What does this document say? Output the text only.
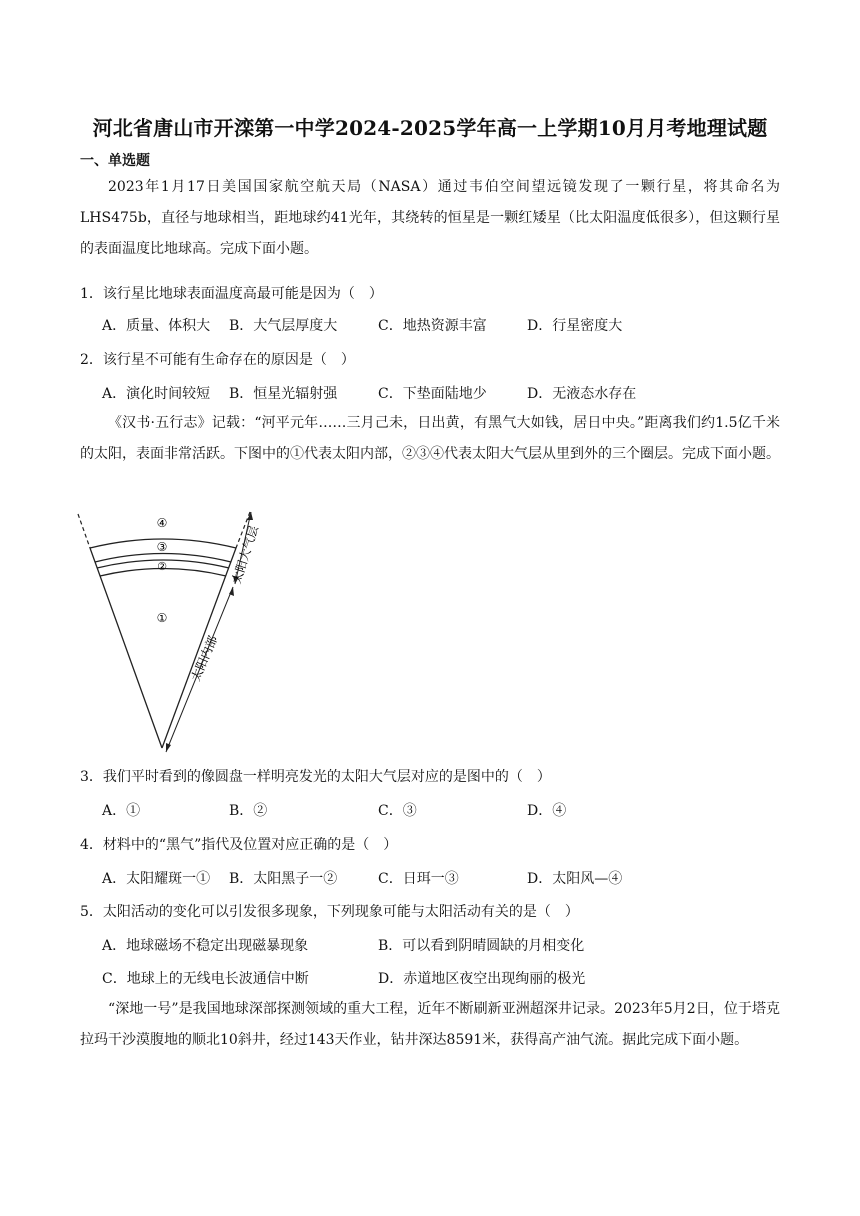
河北省唐山市开滦第一中学2024-2025学年高一上学期10月月考地理试题
一、单选题
2023年1月17日美国国家航空航天局（NASA）通过韦伯空间望远镜发现了一颗行星，将其命名为LHS475b，直径与地球相当，距地球约41光年，其绕转的恒星是一颗红矮星（比太阳温度低很多），但这颗行星的表面温度比地球高。完成下面小题。
1．该行星比地球表面温度高最可能是因为（　）
A．质量、体积大 B．大气层厚度大	C．地热资源丰富	D．行星密度大
2．该行星不可能有生命存在的原因是（　）
A．演化时间较短 B．恒星光辐射强	C．下垫面陆地少	D．无液态水存在
《汉书·五行志》记载：“河平元年……三月己未，日出黄，有黑气大如钱，居日中央。”距离我们约1.5亿千米的太阳，表面非常活跃。下图中的①代表太阳内部，②③④代表太阳大气层从里到外的三个圈层。完成下面小题。
④
③
②
①
太阳大气层
太阳内部
3．我们平时看到的像圆盘一样明亮发光的太阳大气层对应的是图中的（　）
A．①	B．②	C．③	D．④
4．材料中的“黑气”指代及位置对应正确的是（　）
A．太阳耀斑一① B．太阳黑子一②	C．日珥一③	D．太阳风—④
5．太阳活动的变化可以引发很多现象，下列现象可能与太阳活动有关的是（　）
A．地球磁场不稳定出现磁暴现象	B．可以看到阴晴圆缺的月相变化
C．地球上的无线电长波通信中断	D．赤道地区夜空出现绚丽的极光
“深地一号”是我国地球深部探测领域的重大工程，近年不断刷新亚洲超深井记录。2023年5月2日，位于塔克拉玛干沙漠腹地的顺北10斜井，经过143天作业，钻井深达8591米，获得高产油气流。据此完成下面小题。
